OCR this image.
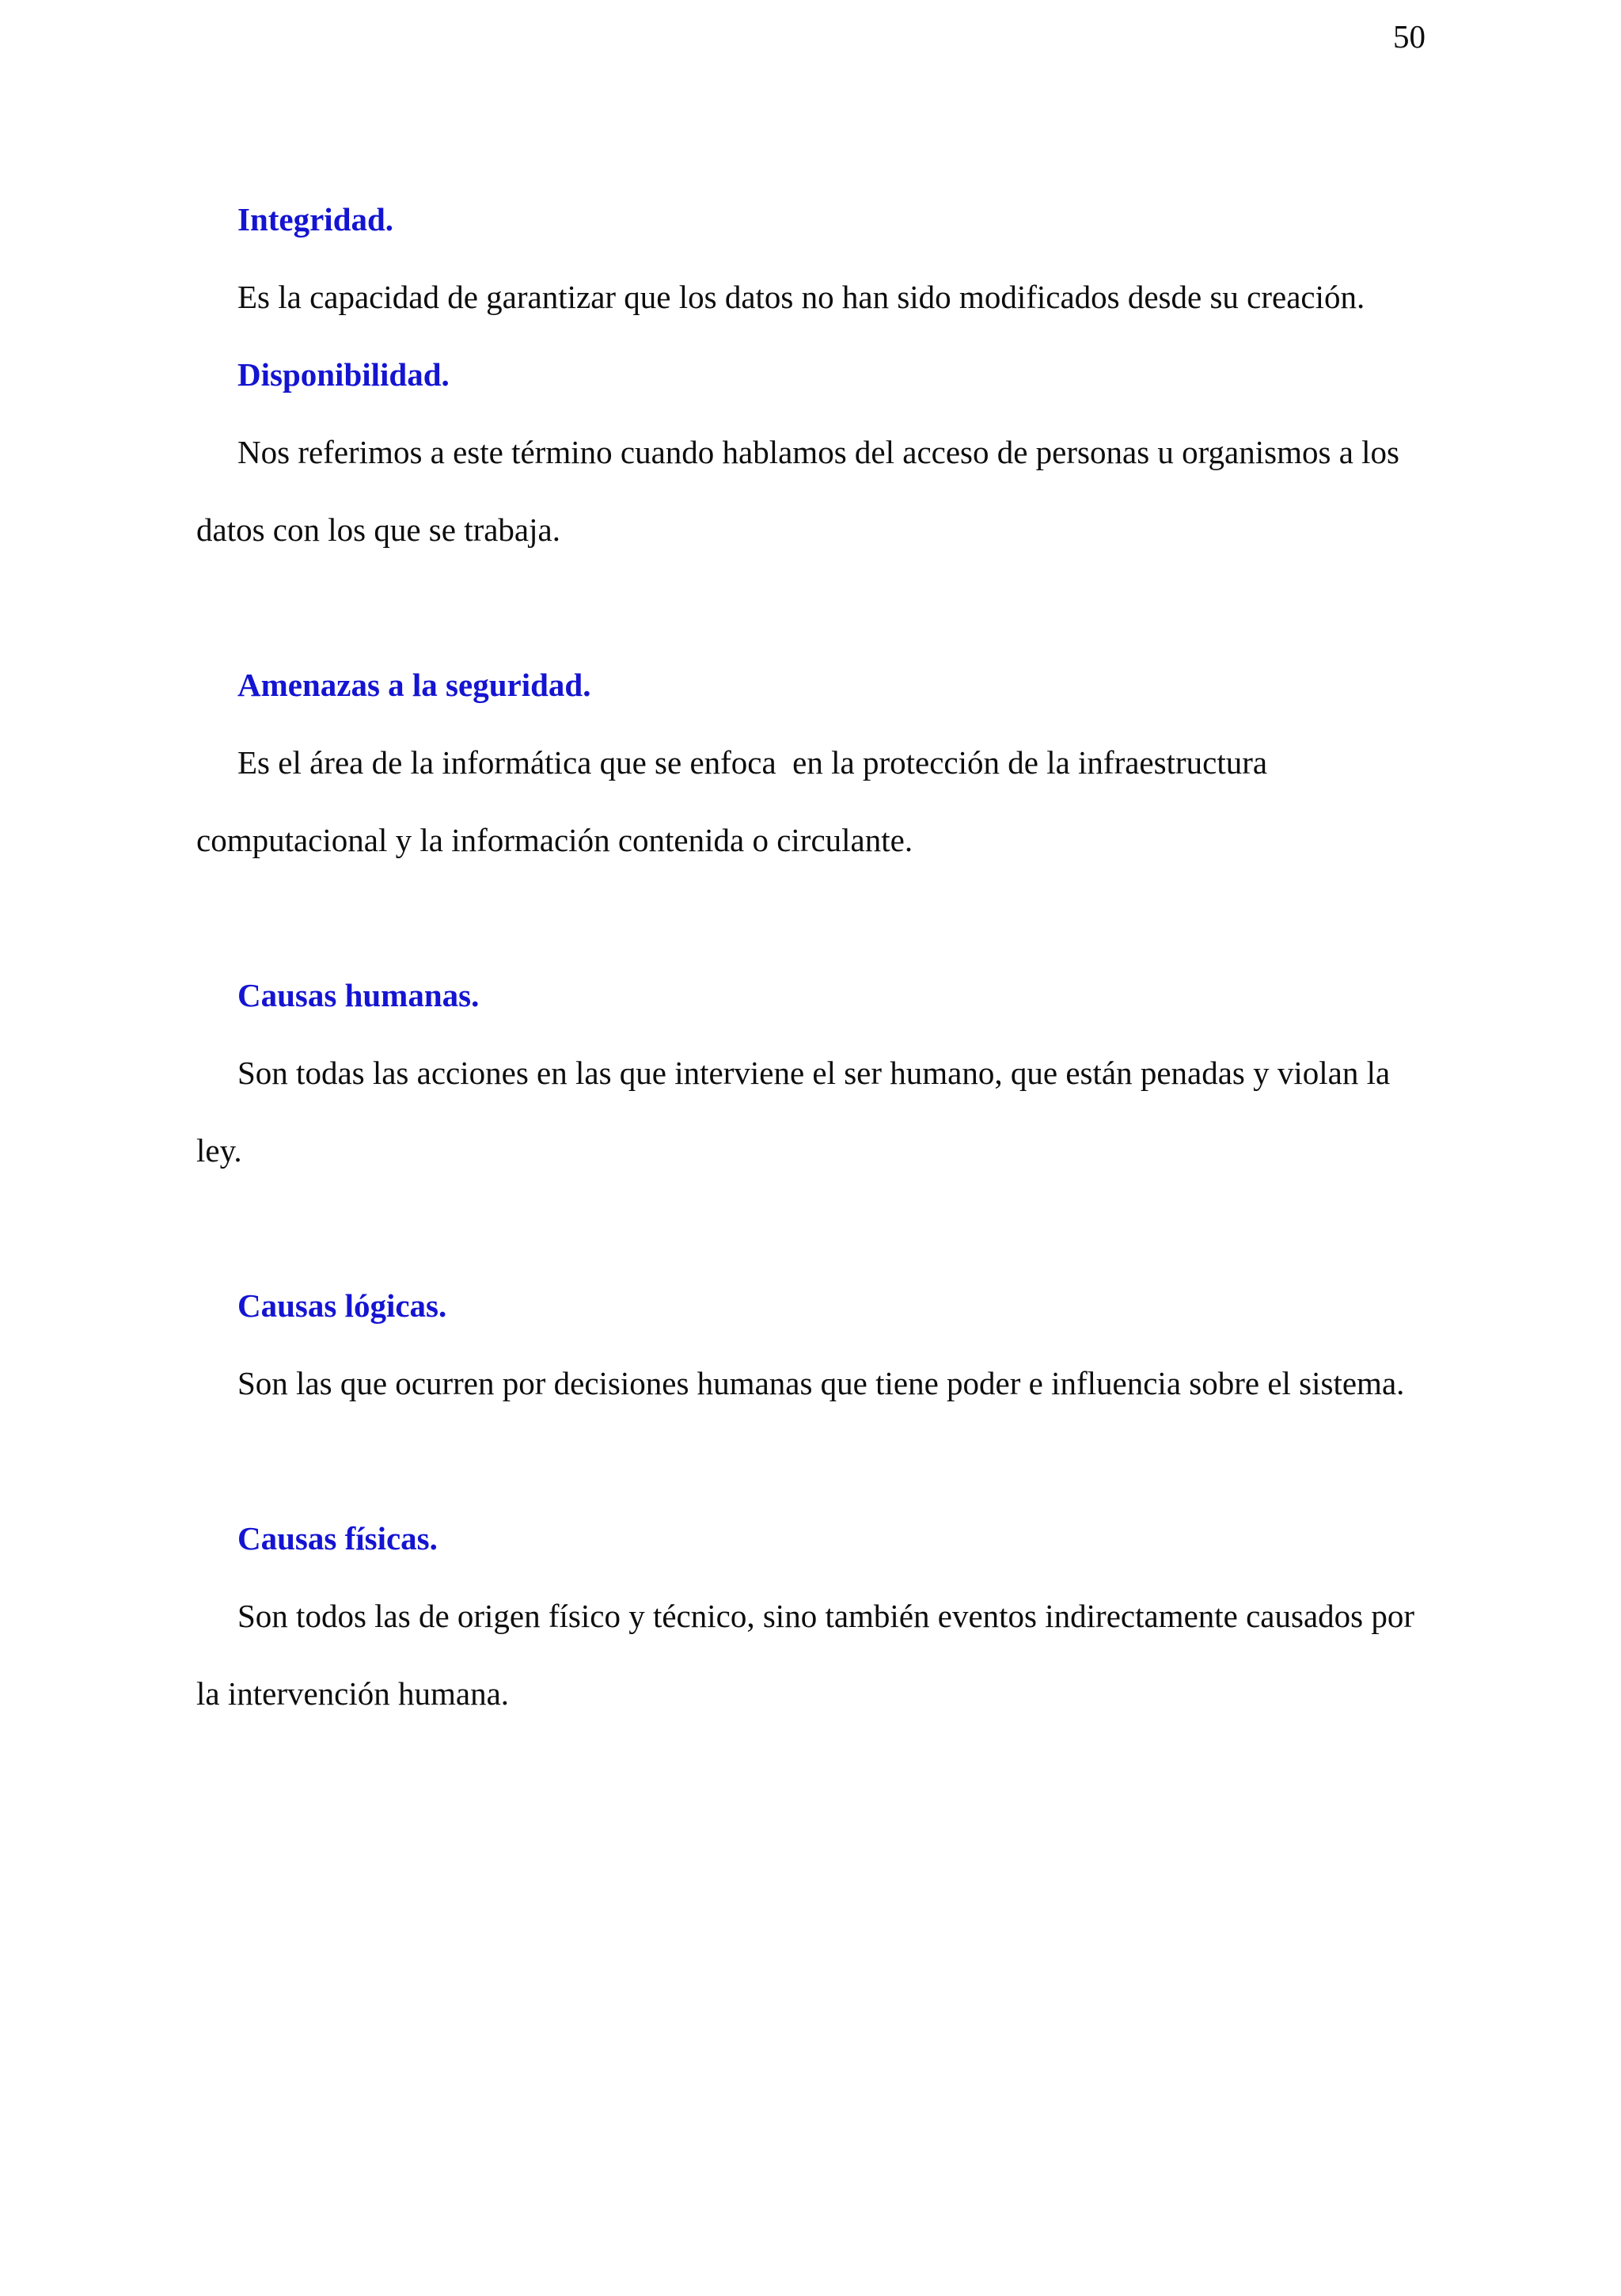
50
Integridad.

Es la capacidad de garantizar que los datos no han sido modificados desde su creación.

Disponibilidad.

Nos referimos a este término cuando hablamos del acceso de personas u organismos a los

datos con los que se trabaja.

Amenazas a la seguridad.

Es el área de la informática que se enfoca  en la protección de la infraestructura

computacional y la información contenida o circulante.

Causas humanas.

Son todas las acciones en las que interviene el ser humano, que están penadas y violan la

ley.

Causas lógicas.

Son las que ocurren por decisiones humanas que tiene poder e influencia sobre el sistema.

Causas físicas.

Son todos las de origen físico y técnico, sino también eventos indirectamente causados por

la intervención humana.
